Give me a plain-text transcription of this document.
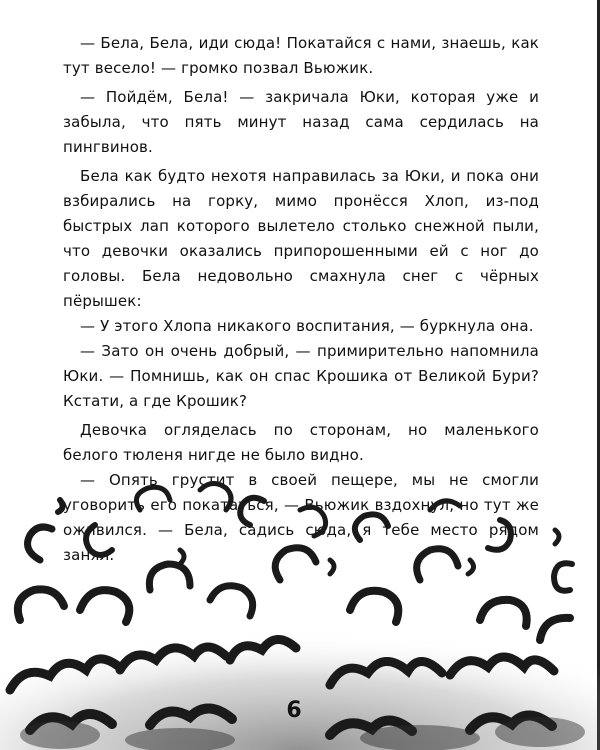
— Бела, Бела, иди сюда! Покатайся с нами, знаешь, как тут весело! — громко позвал Вьюжик.

— Пойдём, Бела! — закричала Юки, которая уже и забыла, что пять минут назад сама сердилась на пингвинов.

Бела как будто нехотя направилась за Юки, и пока они взбирались на горку, мимо пронёсся Хлоп, из-под быстрых лап которого вылетело столько снежной пыли, что девочки оказались припорошенными ей с ног до головы. Бела недовольно смахнула снег с чёрных пёрышек:

— У этого Хлопа никакого воспитания, — буркнула она.

— Зато он очень добрый, — примирительно напомнила Юки. — Помнишь, как он спас Крошика от Великой Бури? Кстати, а где Крошик?

Девочка огляделась по сторонам, но маленького белого тюленя нигде не было видно.

— Опять грустит в своей пещере, мы не смогли уговорить его покататься, — Вьюжик вздохнул, но тут же оживился. — Бела, садись сюда, я тебе место рядом занял.

6
